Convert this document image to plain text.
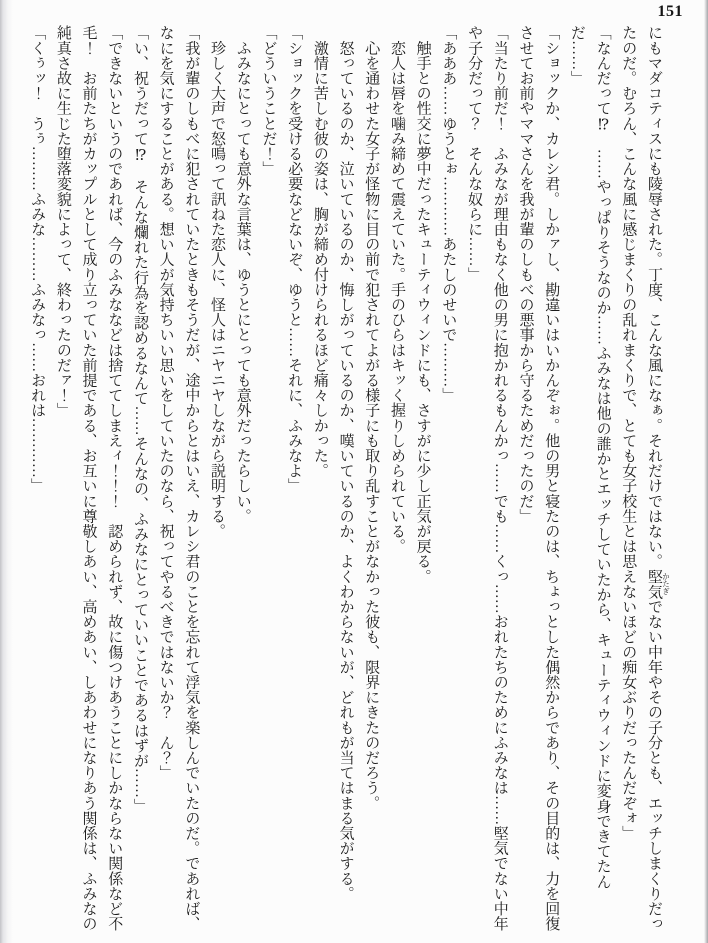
151

にもマダコティスにも陵辱された。丁度、こんな風になぁ。それだけではない。堅気 かたぎでない中年やその子分とも、エッチしまくりだったのだ。むろん、こんな風に感じまくりの乱れまくりで、とても女子校生とは思えないほどの痴女ぶりだったんだぞォ」

「なんだって⁉　……やっぱりそうなのか……ふみなは他の誰かとエッチしていたから、キューティウィンドに変身できてたんだ……」

「ショックか、カレシ君。しかァし、勘違いはいかんぞぉ。他の男と寝たのは、ちょっとした偶然からであり、その目的は、力を回復させてお前やママさんを我が輩のしもべの悪事から守るためだったのだ」

「当たり前だ！　ふみなが理由もなく他の男に抱かれるもんかっ……でも……くっ……おれたちのためにふみなは……堅気でない中年や子分だって？　そんな奴らに……」

「あああ……ゆうとぉ…………あたしのせいで………」

　触手との性交に夢中だったキューティウィンドにも、さすがに少し正気が戻る。

　恋人は唇を噛み締めて震えていた。手のひらはキッく握りしめられている。

　心を通わせた女子が怪物に目の前で犯されてよがる様子にも取り乱すことがなかった彼も、限界にきたのだろう。

　怒っているのか、泣いているのか、悔しがっているのか、嘆いているのか、よくわからないが、どれもが当てはまる気がする。

　激情に苦しむ彼の姿は、胸が締め付けられるほど痛々しかった。

「ショックを受ける必要などないぞ、ゆうと……それに、ふみなよ」

「どういうことだ！」

　ふみなにとっても意外な言葉は、ゆうとにとっても意外だったらしい。

　珍しく大声で怒鳴って訊ねた恋人に、怪人はニヤニヤしながら説明する。

「我が輩のしもべに犯されていたときもそうだが、途中からとはいえ、カレシ君のことを忘れて浮気を楽しんでいたのだ。であれば、なにを気にすることがある。想い人が気持ちいい思いをしていたのなら、祝ってやるべきではないか？　ん？」

「い、祝うだって⁉　そんな爛れた行為を認めるなんて……そんなの、ふみなにとっていいことであるはずが……」

「できないというのであれば、今のふみななどは捨ててしまえィ！！！　認められず、故に傷つけあうことにしかならない関係など不毛！　お前たちがカップルとして成り立っていた前提である、お互いに尊敬しあい、高めあい、しあわせになりあう関係は、ふみなの純真さ故に生じた堕落変貌によって、終わったのだァ！」

「くぅッ！　うぅ………ふみな………ふみなっ……おれは…………」
